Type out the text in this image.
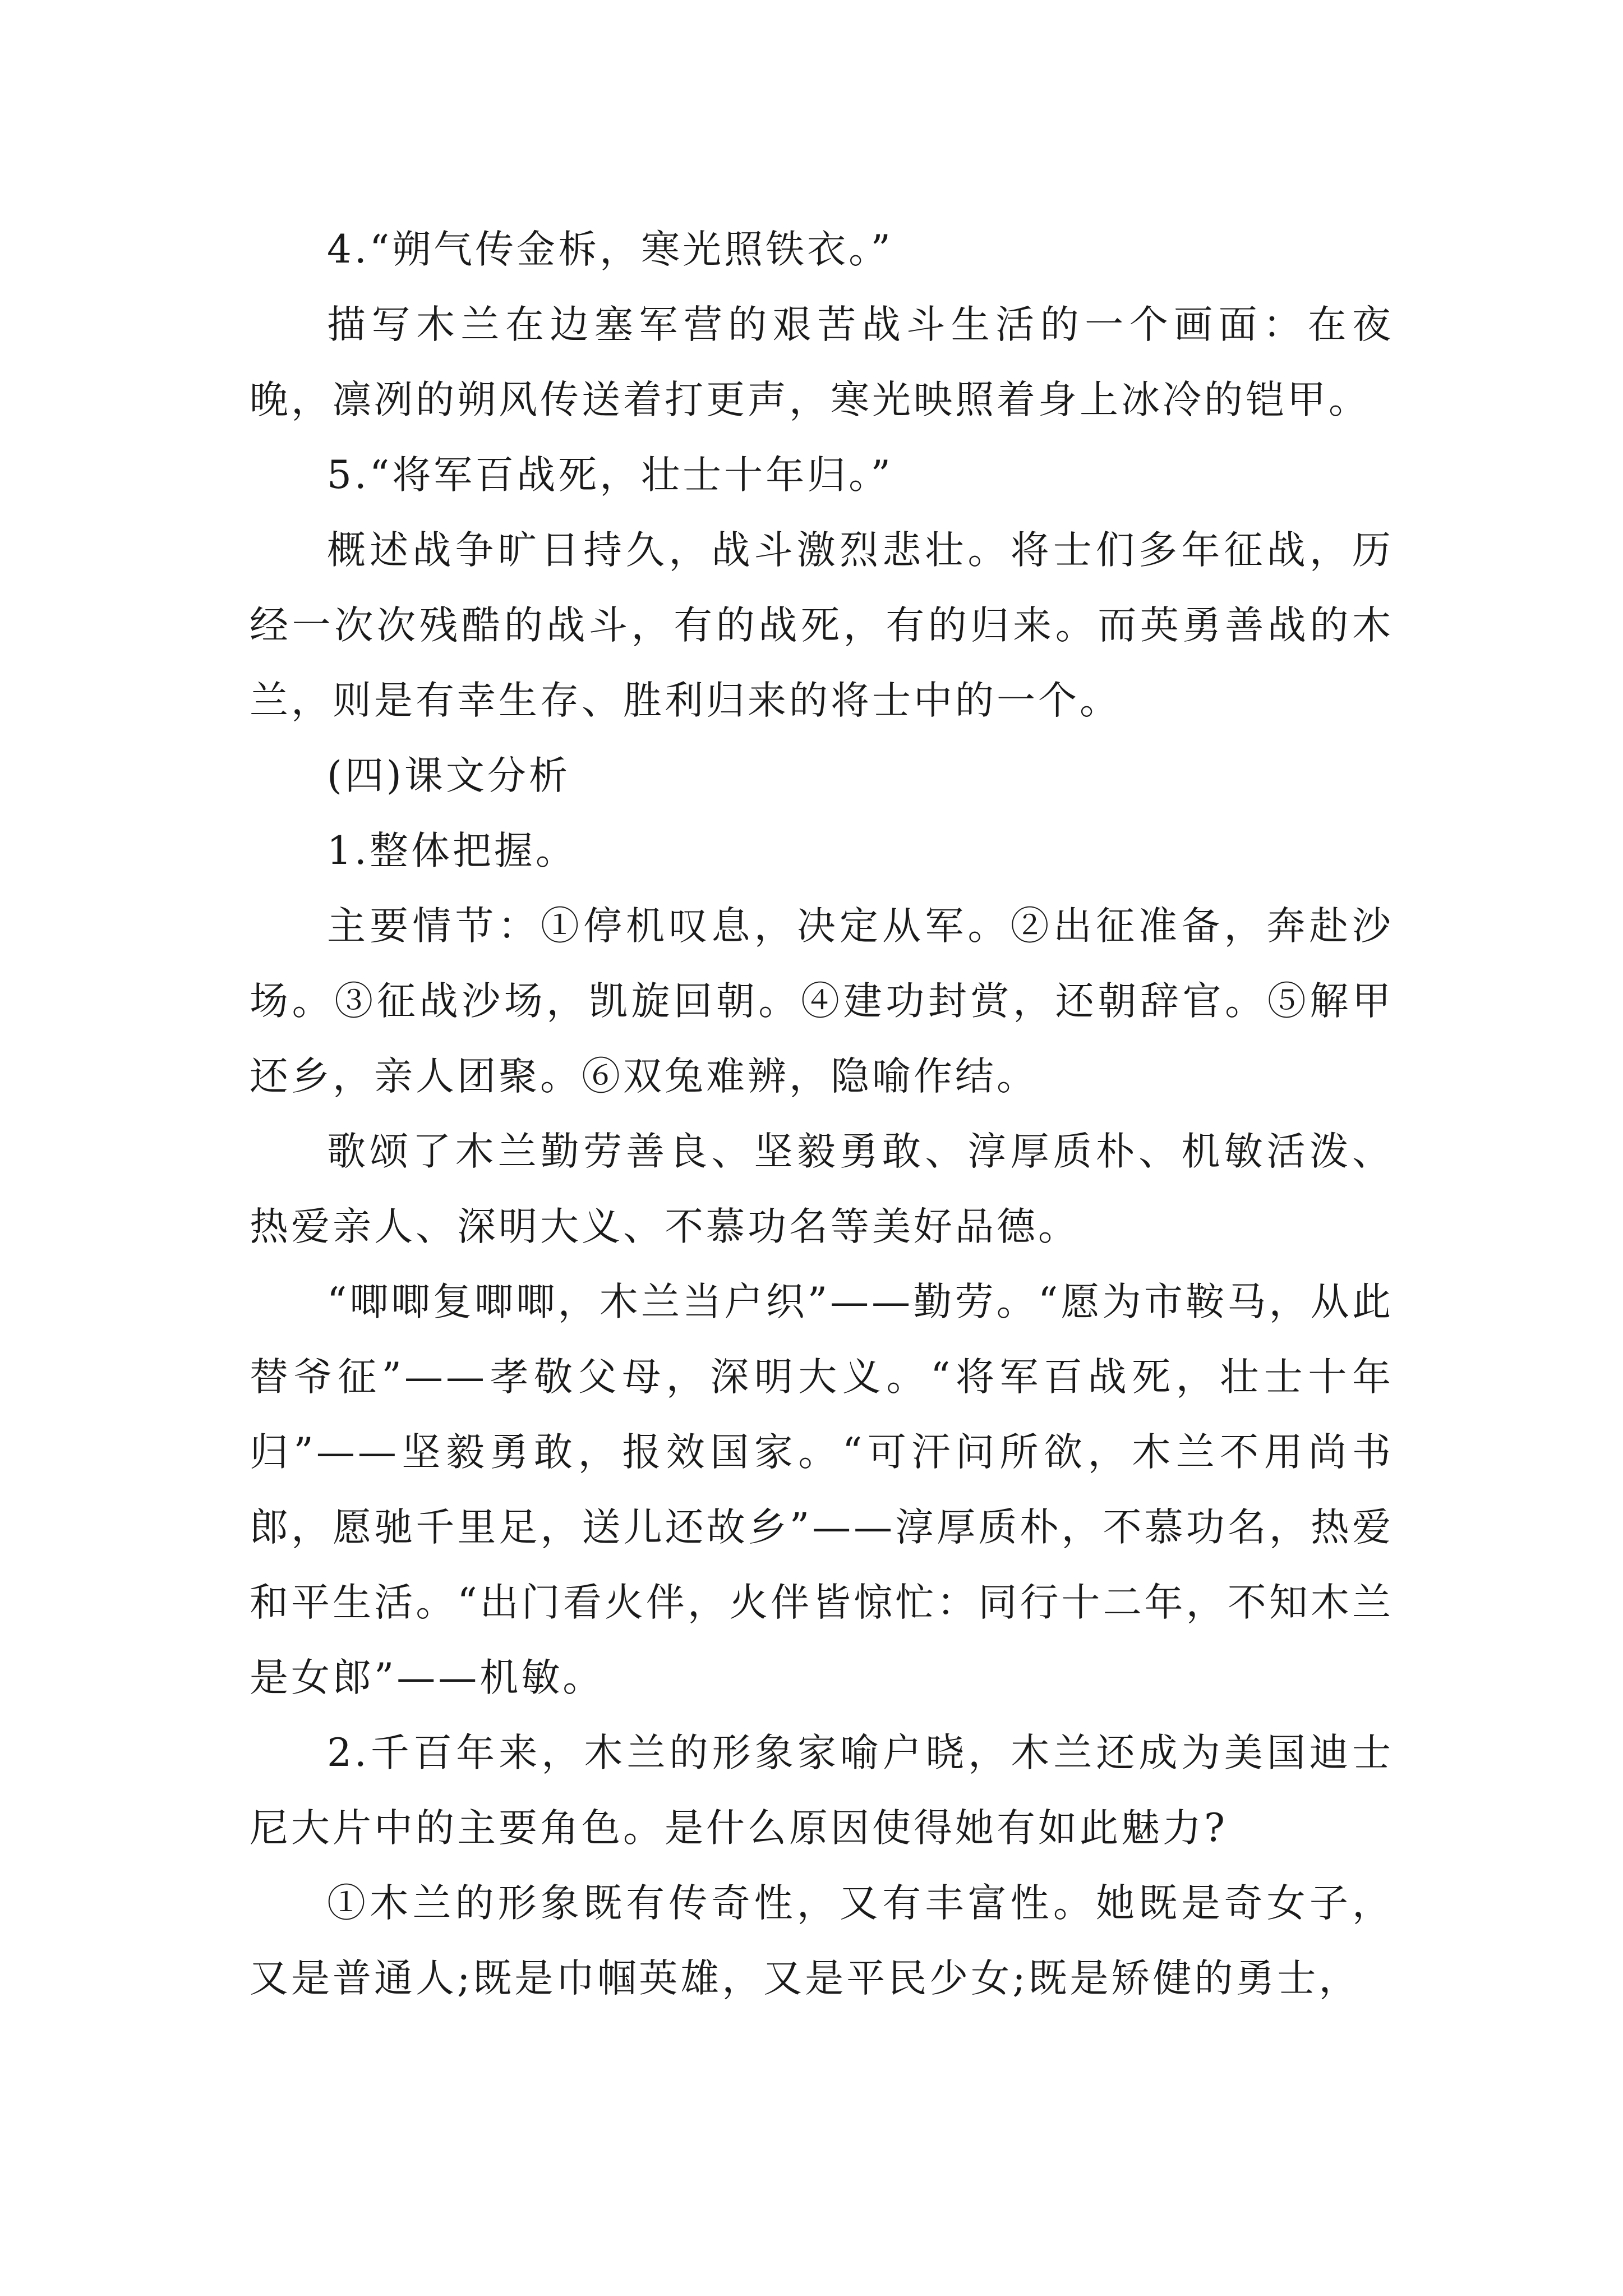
4.“朔气传金柝，寒光照铁衣。”

描写木兰在边塞军营的艰苦战斗生活的一个画面：在夜晚，凛冽的朔风传送着打更声，寒光映照着身上冰冷的铠甲。

5.“将军百战死，壮士十年归。”

概述战争旷日持久，战斗激烈悲壮。将士们多年征战，历经一次次残酷的战斗，有的战死，有的归来。而英勇善战的木兰，则是有幸生存、胜利归来的将士中的一个。

(四)课文分析

1.整体把握。

主要情节：①停机叹息，决定从军。②出征准备，奔赴沙场。③征战沙场，凯旋回朝。④建功封赏，还朝辞官。⑤解甲还乡，亲人团聚。⑥双兔难辨，隐喻作结。

歌颂了木兰勤劳善良、坚毅勇敢、淳厚质朴、机敏活泼、热爱亲人、深明大义、不慕功名等美好品德。

“唧唧复唧唧，木兰当户织”——勤劳。“愿为市鞍马，从此替爷征”——孝敬父母，深明大义。“将军百战死，壮士十年归”——坚毅勇敢，报效国家。“可汗问所欲，木兰不用尚书郎，愿驰千里足，送儿还故乡”——淳厚质朴，不慕功名，热爱和平生活。“出门看火伴，火伴皆惊忙：同行十二年，不知木兰是女郎”——机敏。

2.千百年来，木兰的形象家喻户晓，木兰还成为美国迪士尼大片中的主要角色。是什么原因使得她有如此魅力?

①木兰的形象既有传奇性，又有丰富性。她既是奇女子，又是普通人;既是巾帼英雄，又是平民少女;既是矫健的勇士，
